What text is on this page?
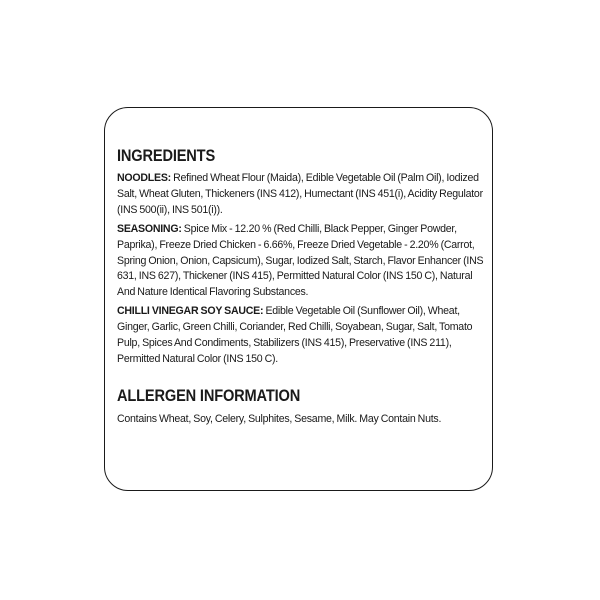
INGREDIENTS

NOODLES: Refined Wheat Flour (Maida), Edible Vegetable Oil (Palm Oil), Iodized Salt, Wheat Gluten, Thickeners (INS 412), Humectant (INS 451(i), Acidity Regulator (INS 500(ii), INS 501(i)).

SEASONING: Spice Mix - 12.20 % (Red Chilli, Black Pepper, Ginger Powder, Paprika), Freeze Dried Chicken - 6.66%, Freeze Dried Vegetable - 2.20% (Carrot, Spring Onion, Onion, Capsicum), Sugar, Iodized Salt, Starch, Flavor Enhancer (INS 631, INS 627), Thickener (INS 415), Permitted Natural Color (INS 150 C), Natural And Nature Identical Flavoring Substances.

CHILLI VINEGAR SOY SAUCE: Edible Vegetable Oil (Sunflower Oil), Wheat, Ginger, Garlic, Green Chilli, Coriander, Red Chilli, Soyabean, Sugar, Salt, Tomato Pulp, Spices And Condiments, Stabilizers (INS 415), Preservative (INS 211), Permitted Natural Color (INS 150 C).

ALLERGEN INFORMATION

Contains Wheat, Soy, Celery, Sulphites, Sesame, Milk. May Contain Nuts.
